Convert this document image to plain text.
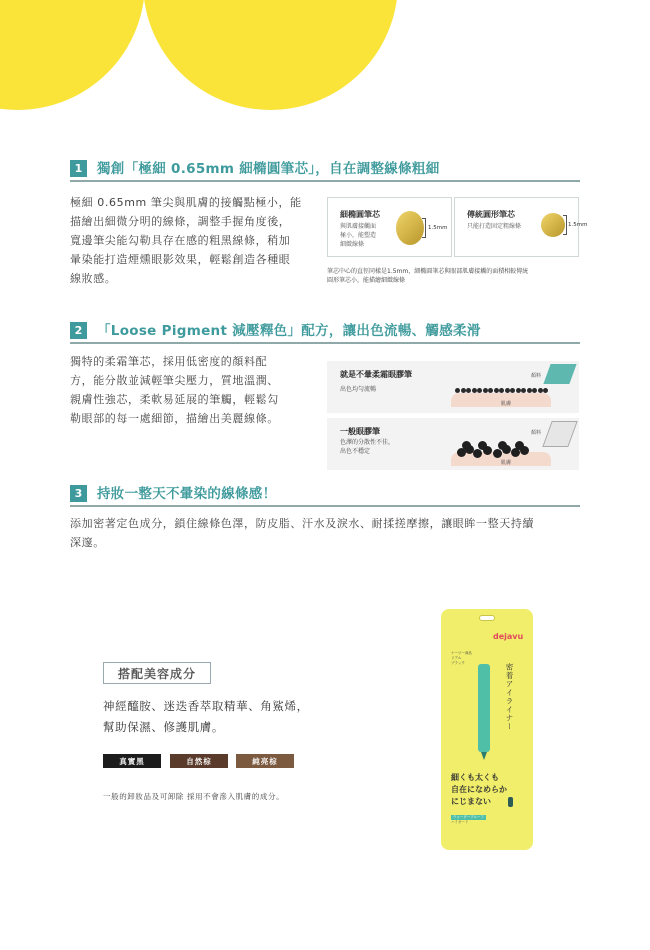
1	獨創「極細 0.65mm 細橢圓筆芯」，自在調整線條粗細
極細 0.65mm 筆尖與肌膚的接觸點極小，能
描繪出細微分明的線條，調整手握角度後，
寬邊筆尖能勾勒具存在感的粗黑線條，稍加
暈染能打造煙燻眼影效果，輕鬆創造各種眼
線妝感。
細橢圓筆芯
與肌膚接觸面
極小，能塑造
細緻線條
1.5mm
傳統圓形筆芯
只能打造固定粗線條	1.5mm
筆芯中心的直徑同樣是1.5mm，細橢圓筆芯與眼部肌膚接觸的面積相較傳統
圓形筆芯小，能描繪細緻線條
2	「Loose Pigment 減壓釋色」配方，讓出色流暢、觸感柔滑
獨特的柔霜筆芯，採用低密度的顏料配
方，能分散並減輕筆尖壓力，質地溫潤、
親膚性強芯，柔軟易延展的筆觸，輕鬆勾
勒眼部的每一處細節，描繪出美麗線條。
就是不暈柔霜眼膠筆
出色均勻流暢
顏料
肌膚
一般眼膠筆
色澤的分散性不佳，
出色不穩定
顏料
肌膚
3	持妝一整天不暈染的線條感！
添加密著定色成分，鎖住線條色澤，防皮脂、汗水及淚水、耐揉搓摩擦，讓眼眸一整天持續
深邃。
搭配美容成分
神經醯胺、迷迭香萃取精華、角鯊烯，
幫助保濕、修護肌膚。
真實黑	自然棕	純亮棕
一般的卸妝品及可卸除 採用不會滲入肌膚的成分。
dejavu
ナーツー商品
リアル
ブラック	密着アイライナー
細くも太くも
自在になめらか
にじまない
ウォータープルーフ
ハイガード
